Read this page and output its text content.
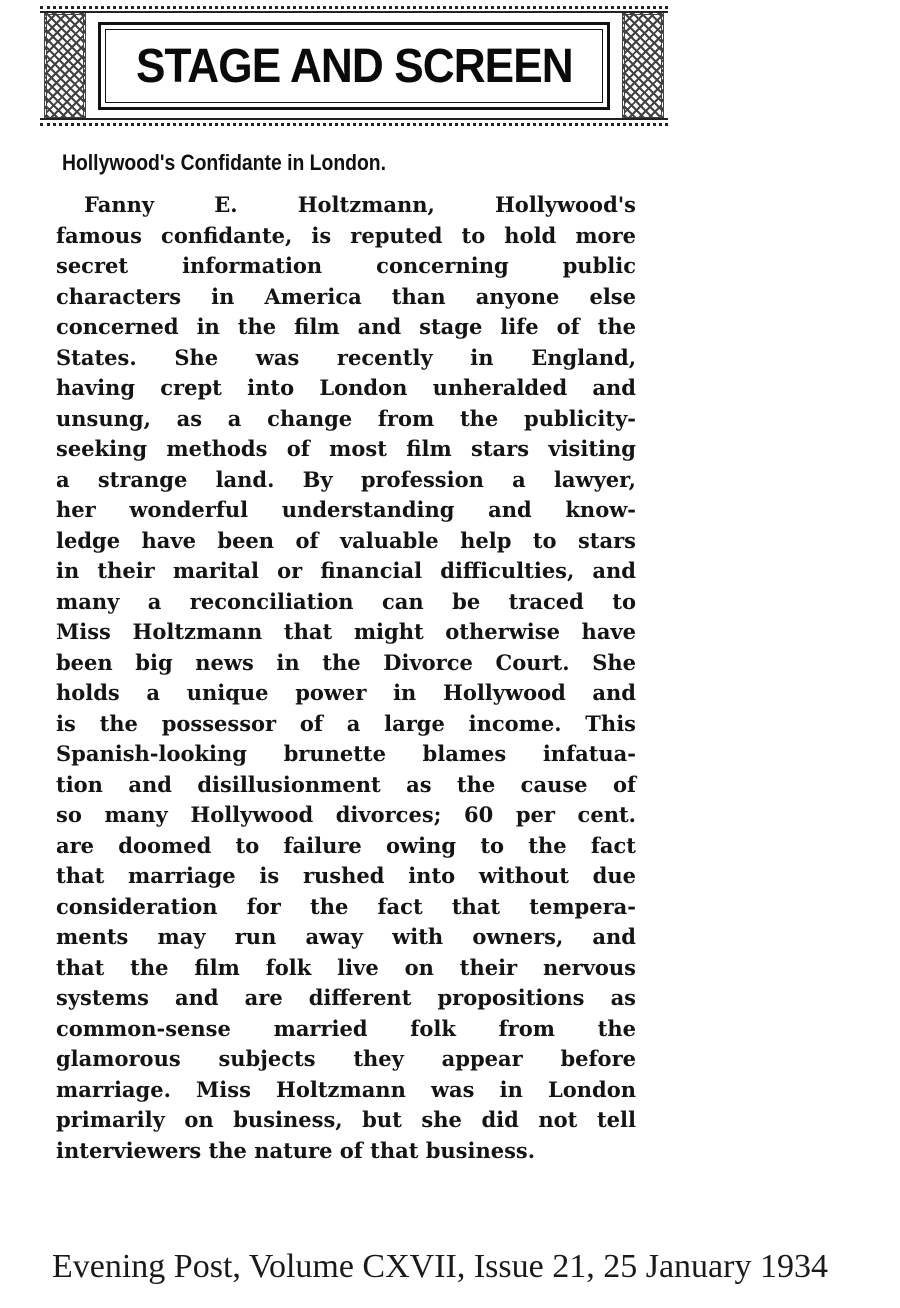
STAGE AND SCREEN
Hollywood's Confidante in London.
Fanny E. Holtzmann, Hollywood's
famous confidante, is reputed to hold more
secret information concerning public
characters in America than anyone else
concerned in the film and stage life of the
States. She was recently in England,
having crept into London unheralded and
unsung, as a change from the publicity-
seeking methods of most film stars visiting
a strange land. By profession a lawyer,
her wonderful understanding and know-
ledge have been of valuable help to stars
in their marital or financial difficulties, and
many a reconciliation can be traced to
Miss Holtzmann that might otherwise have
been big news in the Divorce Court. She
holds a unique power in Hollywood and
is the possessor of a large income. This
Spanish-looking brunette blames infatua-
tion and disillusionment as the cause of
so many Hollywood divorces; 60 per cent.
are doomed to failure owing to the fact
that marriage is rushed into without due
consideration for the fact that tempera-
ments may run away with owners, and
that the film folk live on their nervous
systems and are different propositions as
common-sense married folk from the
glamorous subjects they appear before
marriage. Miss Holtzmann was in London
primarily on business, but she did not tell
interviewers the nature of that business.
Evening Post, Volume CXVII, Issue 21, 25 January 1934
